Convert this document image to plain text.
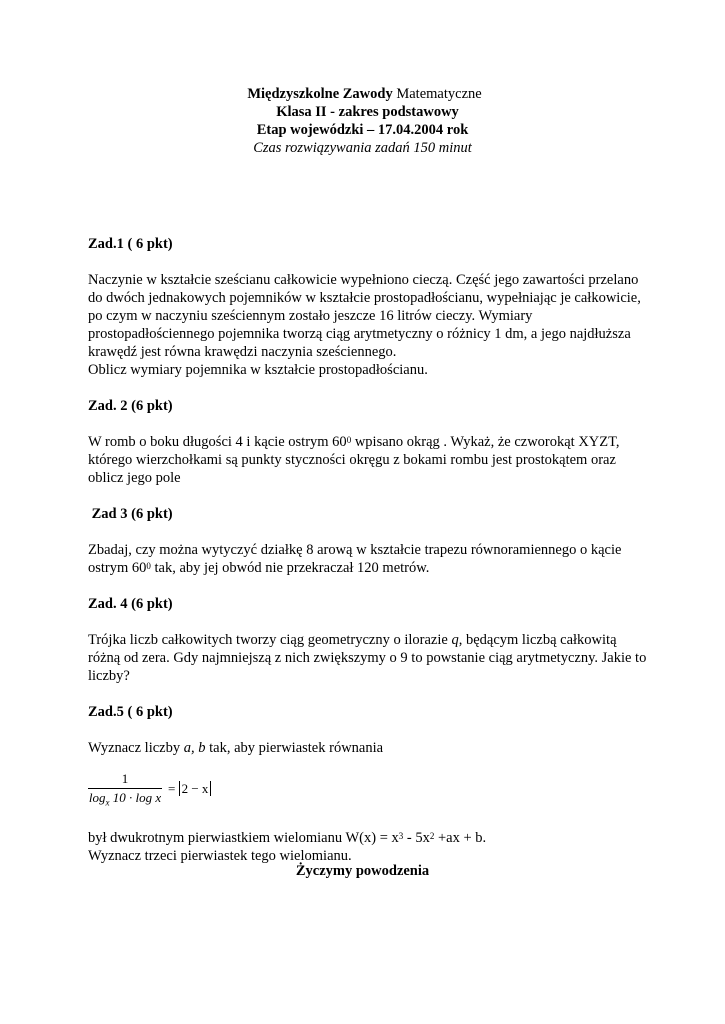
Międzyszkolne Zawody Matematyczne
Klasa II - zakres podstawowy
Etap wojewódzki – 17.04.2004 rok
Czas rozwiązywania zadań 150 minut

Zad.1 ( 6 pkt)

Naczynie w kształcie sześcianu całkowicie wypełniono cieczą. Część jego zawartości przelano do dwóch jednakowych pojemników w kształcie prostopadłościanu, wypełniając je całkowicie, po czym w naczyniu sześciennym zostało jeszcze 16 litrów cieczy. Wymiary prostopadłościennego pojemnika tworzą ciąg arytmetyczny o różnicy 1 dm, a jego najdłuższa krawędź jest równa krawędzi naczynia sześciennego.

Oblicz wymiary pojemnika w kształcie prostopadłościanu.

Zad. 2 (6 pkt)

W romb o boku długości 4 i kącie ostrym $60^0$ wpisano okrąg . Wykaż, że czworokąt XYZT, którego wierzchołkami są punkty styczności okręgu z bokami rombu jest prostokątem oraz oblicz jego pole

Zad 3 (6 pkt)

Zbadaj, czy można wytyczyć działkę 8 arową w kształcie trapezu równoramiennego o kącie ostrym $60^0$ tak, aby jej obwód nie przekraczał 120 metrów.

Zad. 4 (6 pkt)

Trójka liczb całkowitych tworzy ciąg geometryczny o ilorazie q, będącym liczbą całkowitą różną od zera. Gdy najmniejszą z nich zwiększymy o 9 to powstanie ciąg arytmetyczny. Jakie to liczby?

Zad.5 ( 6 pkt)

Wyznacz liczby a, b tak, aby pierwiastek równania

1
$\log_x 10 \cdot \log x$
= 2 − x

był dwukrotnym pierwiastkiem wielomianu $W(x) = x^3 - 5x^2 +ax + b$.

Wyznacz trzeci pierwiastek tego wielomianu.

Życzymy powodzenia
